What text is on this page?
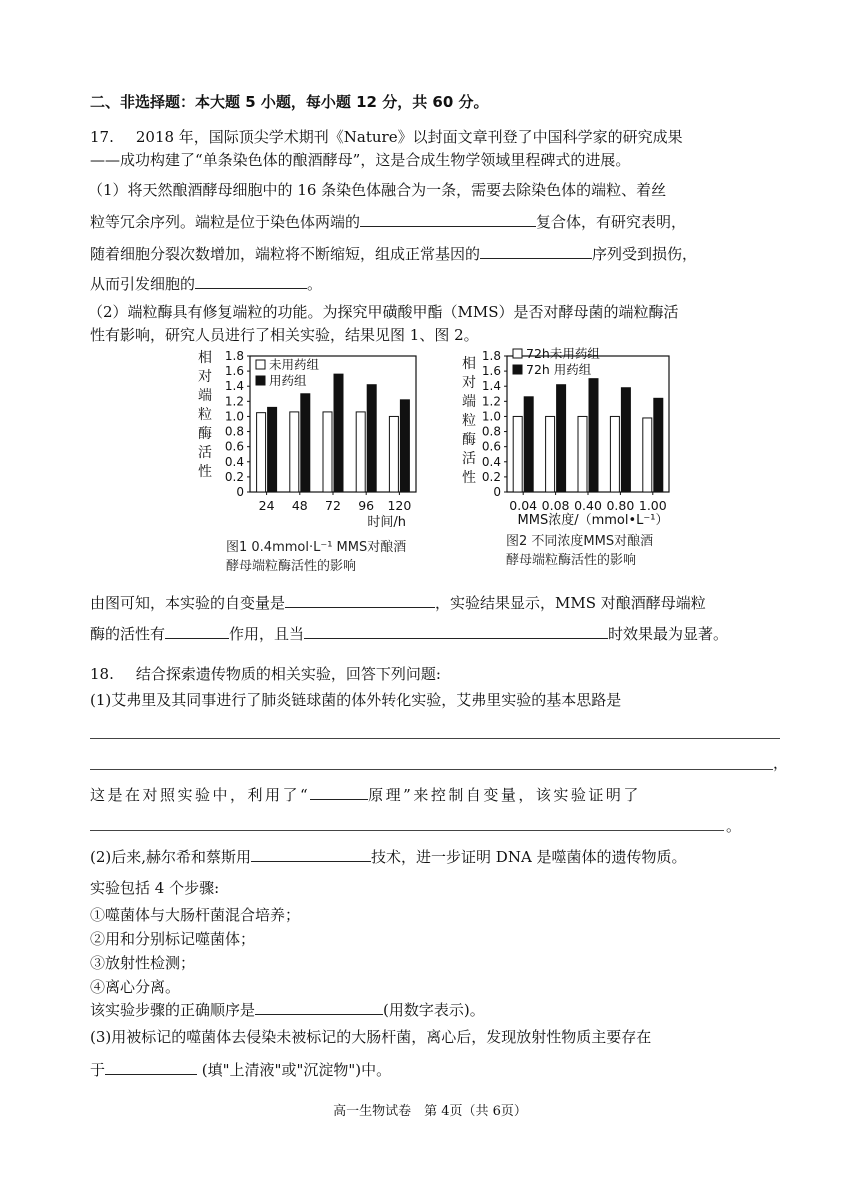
二、非选择题：本大题 5 小题，每小题 12 分，共 60 分。
17. 2018 年，国际顶尖学术期刊《Nature》以封面文章刊登了中国科学家的研究成果
——成功构建了“单条染色体的酿酒酵母”，这是合成生物学领域里程碑式的进展。
（1）将天然酿酒酵母细胞中的 16 条染色体融合为一条，需要去除染色体的端粒、着丝
粒等冗余序列。端粒是位于染色体两端的	复合体，有研究表明，
随着细胞分裂次数增加，端粒将不断缩短，组成正常基因的	序列受到损伤，
从而引发细胞的	。
（2）端粒酶具有修复端粒的功能。为探究甲磺酸甲酯（MMS）是否对酵母菌的端粒酶活
性有影响，研究人员进行了相关实验，结果见图 1、图 2。
相
对
端
粒
酶
活
性
0
0.2
0.4
0.6
0.8
1.0
1.2
1.4
1.6
1.8
24 48 72 96 120
时间/h
未用药组
用药组
图1 0.4mmol·L⁻¹ MMS对酿酒
酵母端粒酶活性的影响
相
对
端
粒
酶
活
性
0
0.2
0.4
0.6
0.8
1.0
1.2
1.4
1.6
1.8
0.04 0.08 0.40 0.80 1.00
MMS浓度/（mmol•L⁻¹）
72h未用药组
72h 用药组
图2 不同浓度MMS对酿酒
酵母端粒酶活性的影响
由图可知，本实验的自变量是	，实验结果显示，MMS 对酿酒酵母端粒
酶的活性有	作用，且当	时效果最为显著。
18. 结合探索遗传物质的相关实验，回答下列问题:
(1)艾弗里及其同事进行了肺炎链球菌的体外转化实验，艾弗里实验的基本思路是
，
这是在对照实验中，利用了“	原理”来控制自变量，该实验证明了
。
(2)后来,赫尔希和蔡斯用	技术，进一步证明 DNA 是噬菌体的遗传物质。
实验包括 4 个步骤:
①噬菌体与大肠杆菌混合培养；
②用和分别标记噬菌体；
③放射性检测；
④离心分离。
该实验步骤的正确顺序是	(用数字表示)。
(3)用被标记的噬菌体去侵染未被标记的大肠杆菌，离心后，发现放射性物质主要存在
于	(填"上清液"或"沉淀物")中。
高一生物试卷　第 4页（共 6页）
